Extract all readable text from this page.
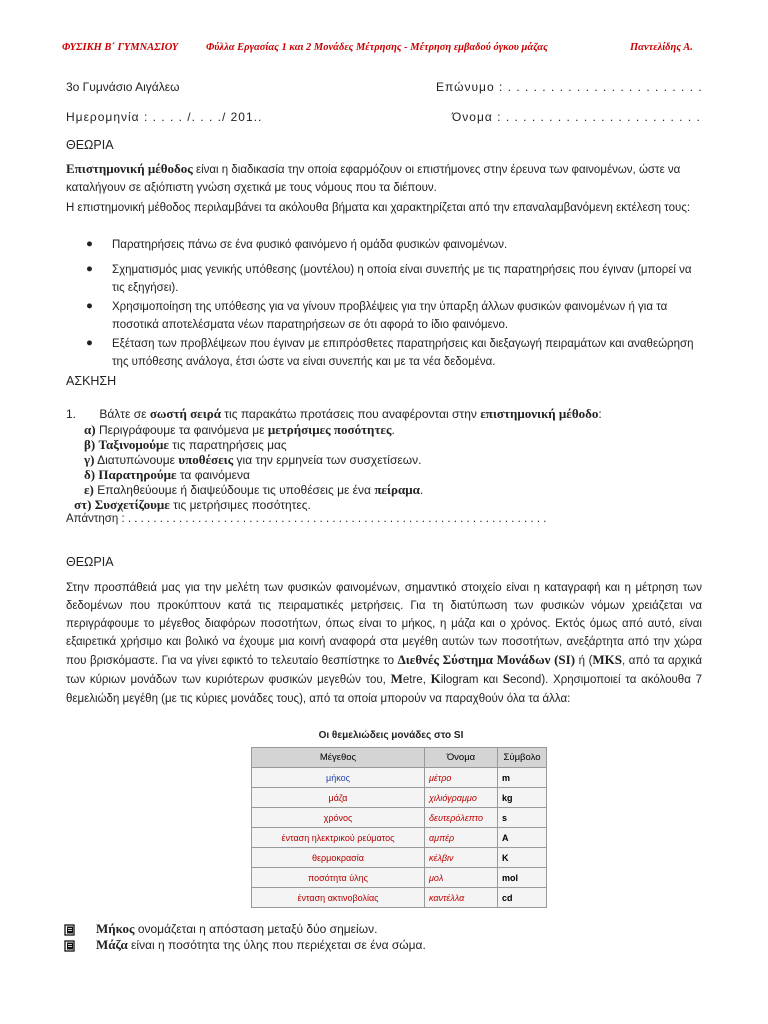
ΦΥΣΙΚΗ Β΄ ΓΥΜΝΑΣΙΟΥ	Φύλλα Εργασίας 1 και 2 Μονάδες Μέτρησης - Μέτρηση εμβαδού όγκου μάζας	Παντελίδης Α.
3ο Γυμνάσιο Αιγάλεω	Επώνυμο : . . . . . . . . . . . . . . . . . . . . . . .
Ημερομηνία : . . . . /. . . ./ 201..	Όνομα : . . . . . . . . . . . . . . . . . . . . . . .
ΘΕΩΡΙΑ
Επιστημονική μέθοδος είναι η διαδικασία την οποία εφαρμόζουν οι επιστήμονες στην έρευνα των φαινομένων, ώστε να καταλήγουν σε αξιόπιστη γνώση σχετικά με τους νόμους που τα διέπουν.
Η επιστημονική μέθοδος περιλαμβάνει τα ακόλουθα βήματα και χαρακτηρίζεται από την επαναλαμβανόμενη εκτέλεση τους:
● Παρατηρήσεις πάνω σε ένα φυσικό φαινόμενο ή ομάδα φυσικών φαινομένων.
● Σχηματισμός μιας γενικής υπόθεσης (μοντέλου) η οποία είναι συνεπής με τις παρατηρήσεις που έγιναν (μπορεί να τις εξηγήσει).
● Χρησιμοποίηση της υπόθεσης για να γίνουν προβλέψεις για την ύπαρξη άλλων φυσικών φαινομένων ή για τα ποσοτικά αποτελέσματα νέων παρατηρήσεων σε ότι αφορά το ίδιο φαινόμενο.
● Εξέταση των προβλέψεων που έγιναν με επιπρόσθετες παρατηρήσεις και διεξαγωγή πειραμάτων και αναθεώρηση της υπόθεσης ανάλογα, έτσι ώστε να είναι συνεπής και με τα νέα δεδομένα.
ΑΣΚΗΣΗ
1. Βάλτε σε σωστή σειρά τις παρακάτω προτάσεις που αναφέρονται στην επιστημονική μέθοδο:
α) Περιγράφουμε τα φαινόμενα με μετρήσιμες ποσότητες.
β) Ταξινομούμε τις παρατηρήσεις μας
γ) Διατυπώνουμε υποθέσεις για την ερμηνεία των συσχετίσεων.
δ) Παρατηρούμε τα φαινόμενα
ε) Επαληθεύουμε ή διαψεύδουμε τις υποθέσεις με ένα πείραμα.
στ) Συσχετίζουμε τις μετρήσιμες ποσότητες.
Απάντηση : . . . . . . . . . . . . . . . . . . . . . . . . . . . . . . . . . . . . . . . . . . . . . . . . . . . . . . . . . . . . . . . . . .
ΘΕΩΡΙΑ
Στην προσπάθειά μας για την μελέτη των φυσικών φαινομένων, σημαντικό στοιχείο είναι η καταγραφή και η μέτρηση των δεδομένων που προκύπτουν κατά τις πειραματικές μετρήσεις. Για τη διατύπωση των φυσικών νόμων χρειάζεται να περιγράφουμε το μέγεθος διαφόρων ποσοτήτων, όπως είναι το μήκος, η μάζα και ο χρόνος. Εκτός όμως από αυτό, είναι εξαιρετικά χρήσιμο και βολικό να έχουμε μια κοινή αναφορά στα μεγέθη αυτών των ποσοτήτων, ανεξάρτητα από την χώρα που βρισκόμαστε. Για να γίνει εφικτό το τελευταίο θεσπίστηκε το Διεθνές Σύστημα Μονάδων (SI) ή (MKS, από τα αρχικά των κύριων μονάδων των κυριότερων φυσικών μεγεθών του, Metre, Kilogram και Second). Χρησιμοποιεί τα ακόλουθα 7 θεμελιώδη μεγέθη (με τις κύριες μονάδες τους), από τα οποία μπορούν να παραχθούν όλα τα άλλα:
Οι θεμελιώδεις μονάδες στο SI
Μέγεθος	Όνομα	Σύμβολο
μήκος	μέτρο	m
μάζα	χιλιόγραμμο	kg
χρόνος	δευτερόλεπτο	s
ένταση ηλεκτρικού ρεύματος	αμπέρ	A
θερμοκρασία	κέλβιν	K
ποσότητα ύλης	μολ	mol
ένταση ακτινοβολίας	καντέλλα	cd
Μήκος ονομάζεται η απόσταση μεταξύ δύο σημείων.
Μάζα είναι η ποσότητα της ύλης που περιέχεται σε ένα σώμα.
